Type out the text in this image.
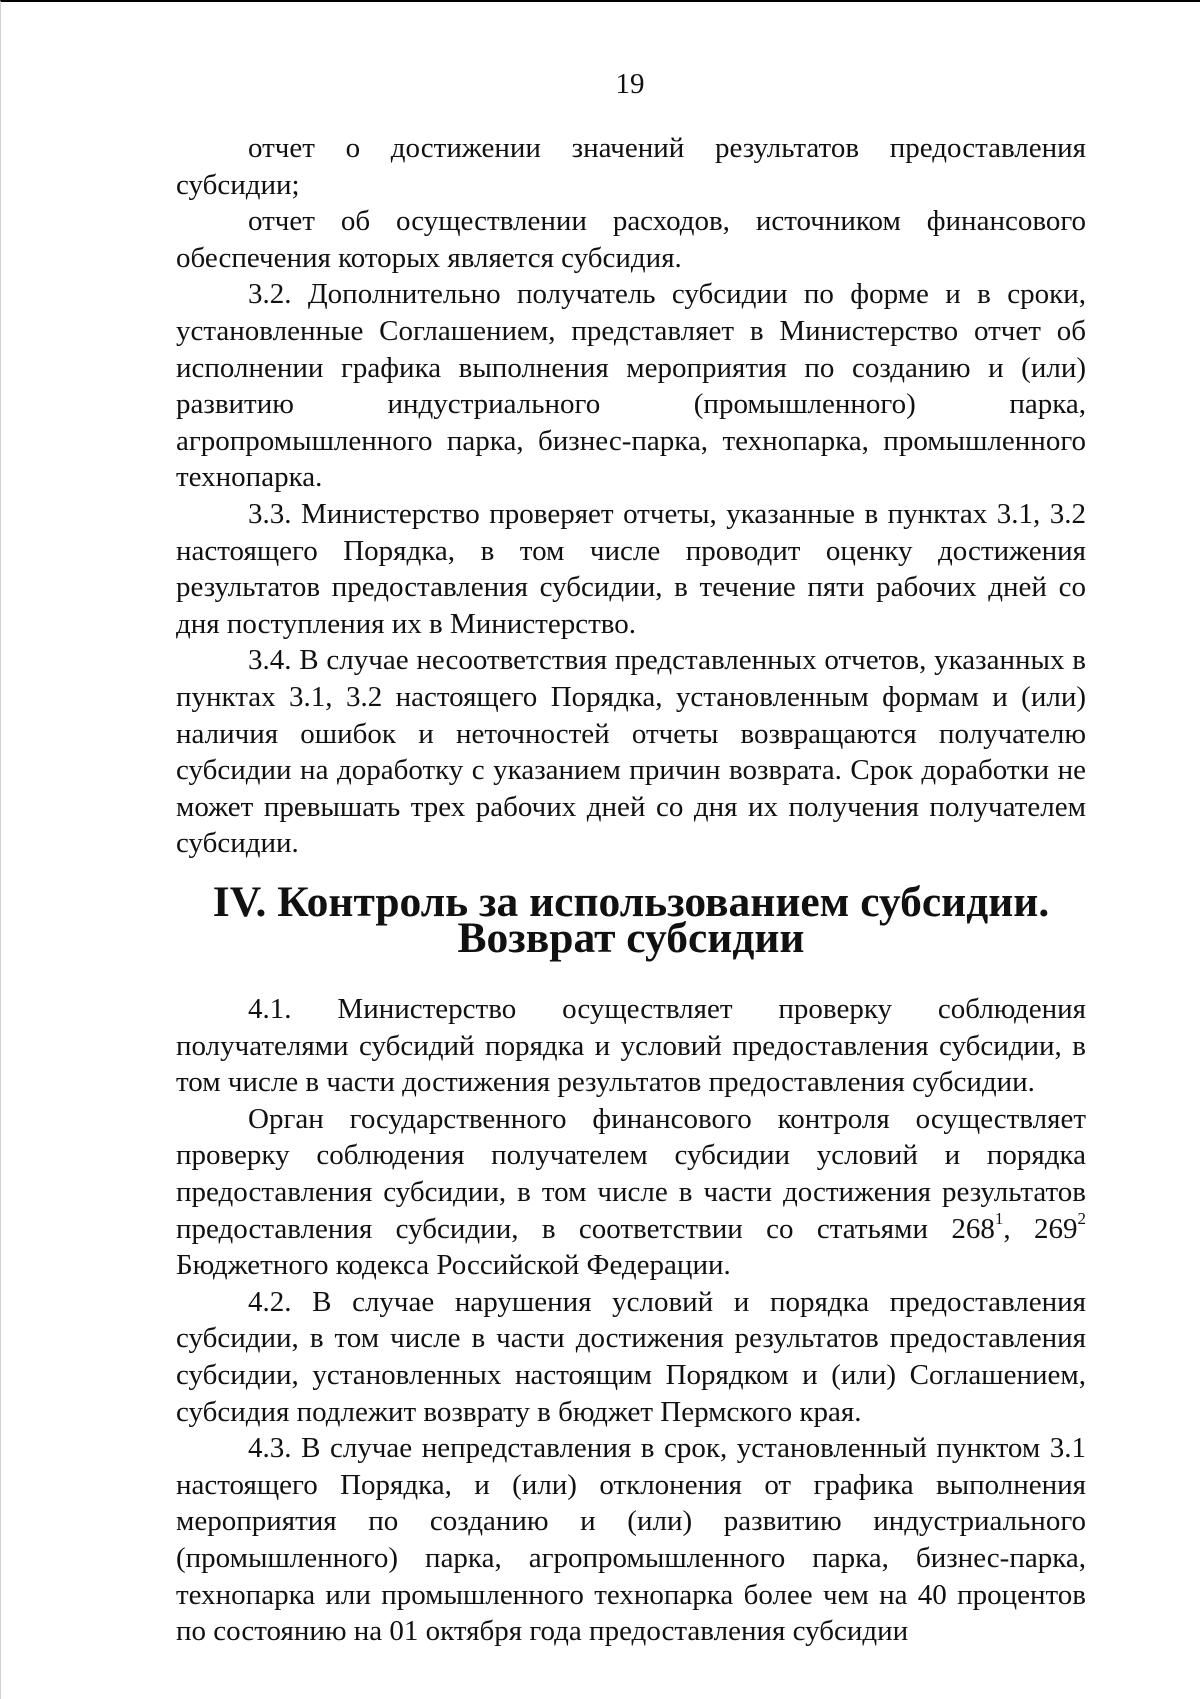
19

отчет о достижении значений результатов предоставления субсидии;

отчет об осуществлении расходов, источником финансового обеспечения которых является субсидия.

3.2. Дополнительно получатель субсидии по форме и в сроки, установленные Соглашением, представляет в Министерство отчет об исполнении графика выполнения мероприятия по созданию и (или) развитию индустриального (промышленного) парка, агропромышленного парка, бизнес-парка, технопарка, промышленного технопарка.

3.3. Министерство проверяет отчеты, указанные в пунктах 3.1, 3.2 настоящего Порядка, в том числе проводит оценку достижения результатов предоставления субсидии, в течение пяти рабочих дней со дня поступления их в Министерство.

3.4. В случае несоответствия представленных отчетов, указанных в пунктах 3.1, 3.2 настоящего Порядка, установленным формам и (или) наличия ошибок и неточностей отчеты возвращаются получателю субсидии на доработку с указанием причин возврата. Срок доработки не может превышать трех рабочих дней со дня их получения получателем субсидии.

IV. Контроль за использованием субсидии. Возврат субсидии

4.1. Министерство осуществляет проверку соблюдения получателями субсидий порядка и условий предоставления субсидии, в том числе в части достижения результатов предоставления субсидии.

Орган государственного финансового контроля осуществляет проверку соблюдения получателем субсидии условий и порядка предоставления субсидии, в том числе в части достижения результатов предоставления субсидии, в соответствии со статьями $268^1$, $269^2$ Бюджетного кодекса Российской Федерации.

4.2. В случае нарушения условий и порядка предоставления субсидии, в том числе в части достижения результатов предоставления субсидии, установленных настоящим Порядком и (или) Соглашением, субсидия подлежит возврату в бюджет Пермского края.

4.3. В случае непредставления в срок, установленный пунктом 3.1 настоящего Порядка, и (или) отклонения от графика выполнения мероприятия по созданию и (или) развитию индустриального (промышленного) парка, агропромышленного парка, бизнес-парка, технопарка или промышленного технопарка более чем на 40 процентов по состоянию на 01 октября года предоставления субсидии
